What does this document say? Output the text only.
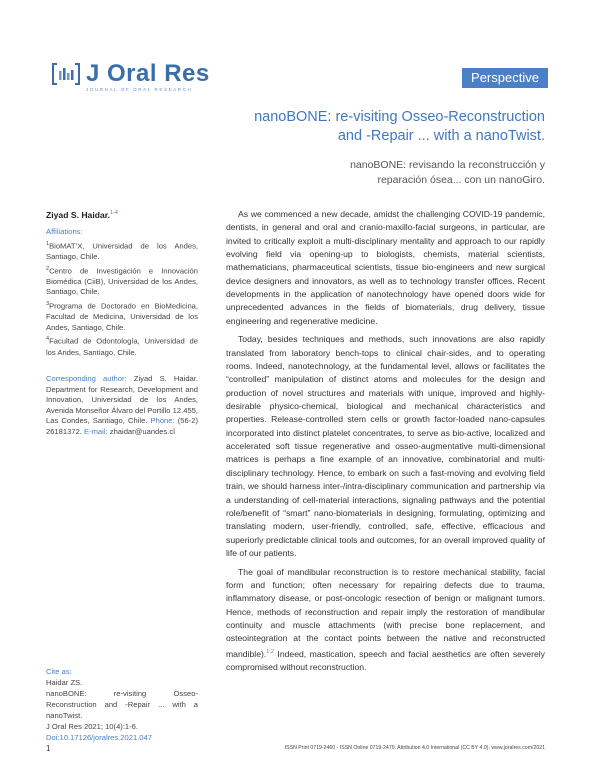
J Oral Res
JOURNAL OF ORAL RESEARCH
Perspective
nanoBONE: re-visiting Osseo-Reconstruction
and -Repair ... with a nanoTwist.
nanoBONE: revisando la reconstrucción y
reparación ósea... con un nanoGiro.
Ziyad S. Haidar.$^{1-4}$
Affiliations:
$^1$BioMAT’X, Universidad de los Andes, Santiago, Chile.
$^2$Centro de Investigación e Innovación Biomédica (CiiB), Universidad de los Andes, Santiago, Chile.
$^3$Programa de Doctorado en BioMedicina, Facultad de Medicina, Universidad de los Andes, Santiago, Chile.
$^4$Facultad de Odontología, Universidad de los Andes, Santiago, Chile.
Corresponding author: Ziyad S. Haidar. Department for Research, Development and Innovation, Universidad de los Andes, Avenida Monseñor Álvaro del Portillo 12.455, Las Condes, Santiago, Chile. Phone: (56-2) 26181372. E-mail: zhaidar@uandes.cl
Cite as:
Haidar ZS.
nanoBONE: re-visiting Osseo-Reconstruction and -Repair ... with a nanoTwist.
J Oral Res 2021; 10(4):1-6.
Doi:10.17126/joralres.2021.047

As we commenced a new decade, amidst the challenging COVID-19 pandemic, dentists, in general and oral and cranio-maxillo-facial surgeons, in particular, are invited to critically exploit a multi-disciplinary mentality and approach to our rapidly evolving field via opening-up to biologists, chemists, material scientists, mathematicians, pharmaceutical scientists, tissue bio-engineers and new surgical device designers and innovators, as well as to technology transfer offices. Recent developments in the application of nanotechnology have opened doors wide for unprecedented advances in the fields of biomaterials, drug delivery, tissue engineering and regenerative medicine.

Today, besides techniques and methods, such innovations are also rapidly translated from laboratory bench-tops to clinical chair-sides, and to operating rooms. Indeed, nanotechnology, at the fundamental level, allows or facilitates the “controlled” manipulation of distinct atoms and molecules for the design and production of novel structures and materials with unique, improved and highly-desirable physico-chemical, biological and mechanical characteristics and properties. Release-controlled stem cells or growth factor-loaded nano-capsules incorporated into distinct platelet concentrates, to serve as bio-active, localized and accelerated soft tissue regenerative and osseo-augmentative multi-dimensional matrices is perhaps a fine example of an innovative, combinatorial and multi-disciplinary technology. Hence, to embark on such a fast-moving and evolving field train, we should harness inter-/intra-disciplinary communication and partnership via a understanding of cell-material interactions, signaling pathways and the potential role/benefit of “smart” nano-biomaterials in designing, formulating, optimizing and translating modern, user-friendly, controlled, safe, effective, efficacious and superiorly predictable clinical tools and outcomes, for an overall improved quality of life of our patients.

The goal of mandibular reconstruction is to restore mechanical stability, facial form and function; often necessary for repairing defects due to trauma, inflammatory disease, or post-oncologic resection of benign or malignant tumors. Hence, methods of reconstruction and repair imply the restoration of mandibular continuity and muscle attachments (with precise bone replacement, and osteointegration at the contact points between the native and reconstructed mandible).$^{1,2}$ Indeed, mastication, speech and facial aesthetics are often severely compromised without reconstruction.

1	ISSN Print 0719-2460 - ISSN Online 0719-2479. Attribution 4.0 International (CC BY 4.0). www.joralres.com/2021
